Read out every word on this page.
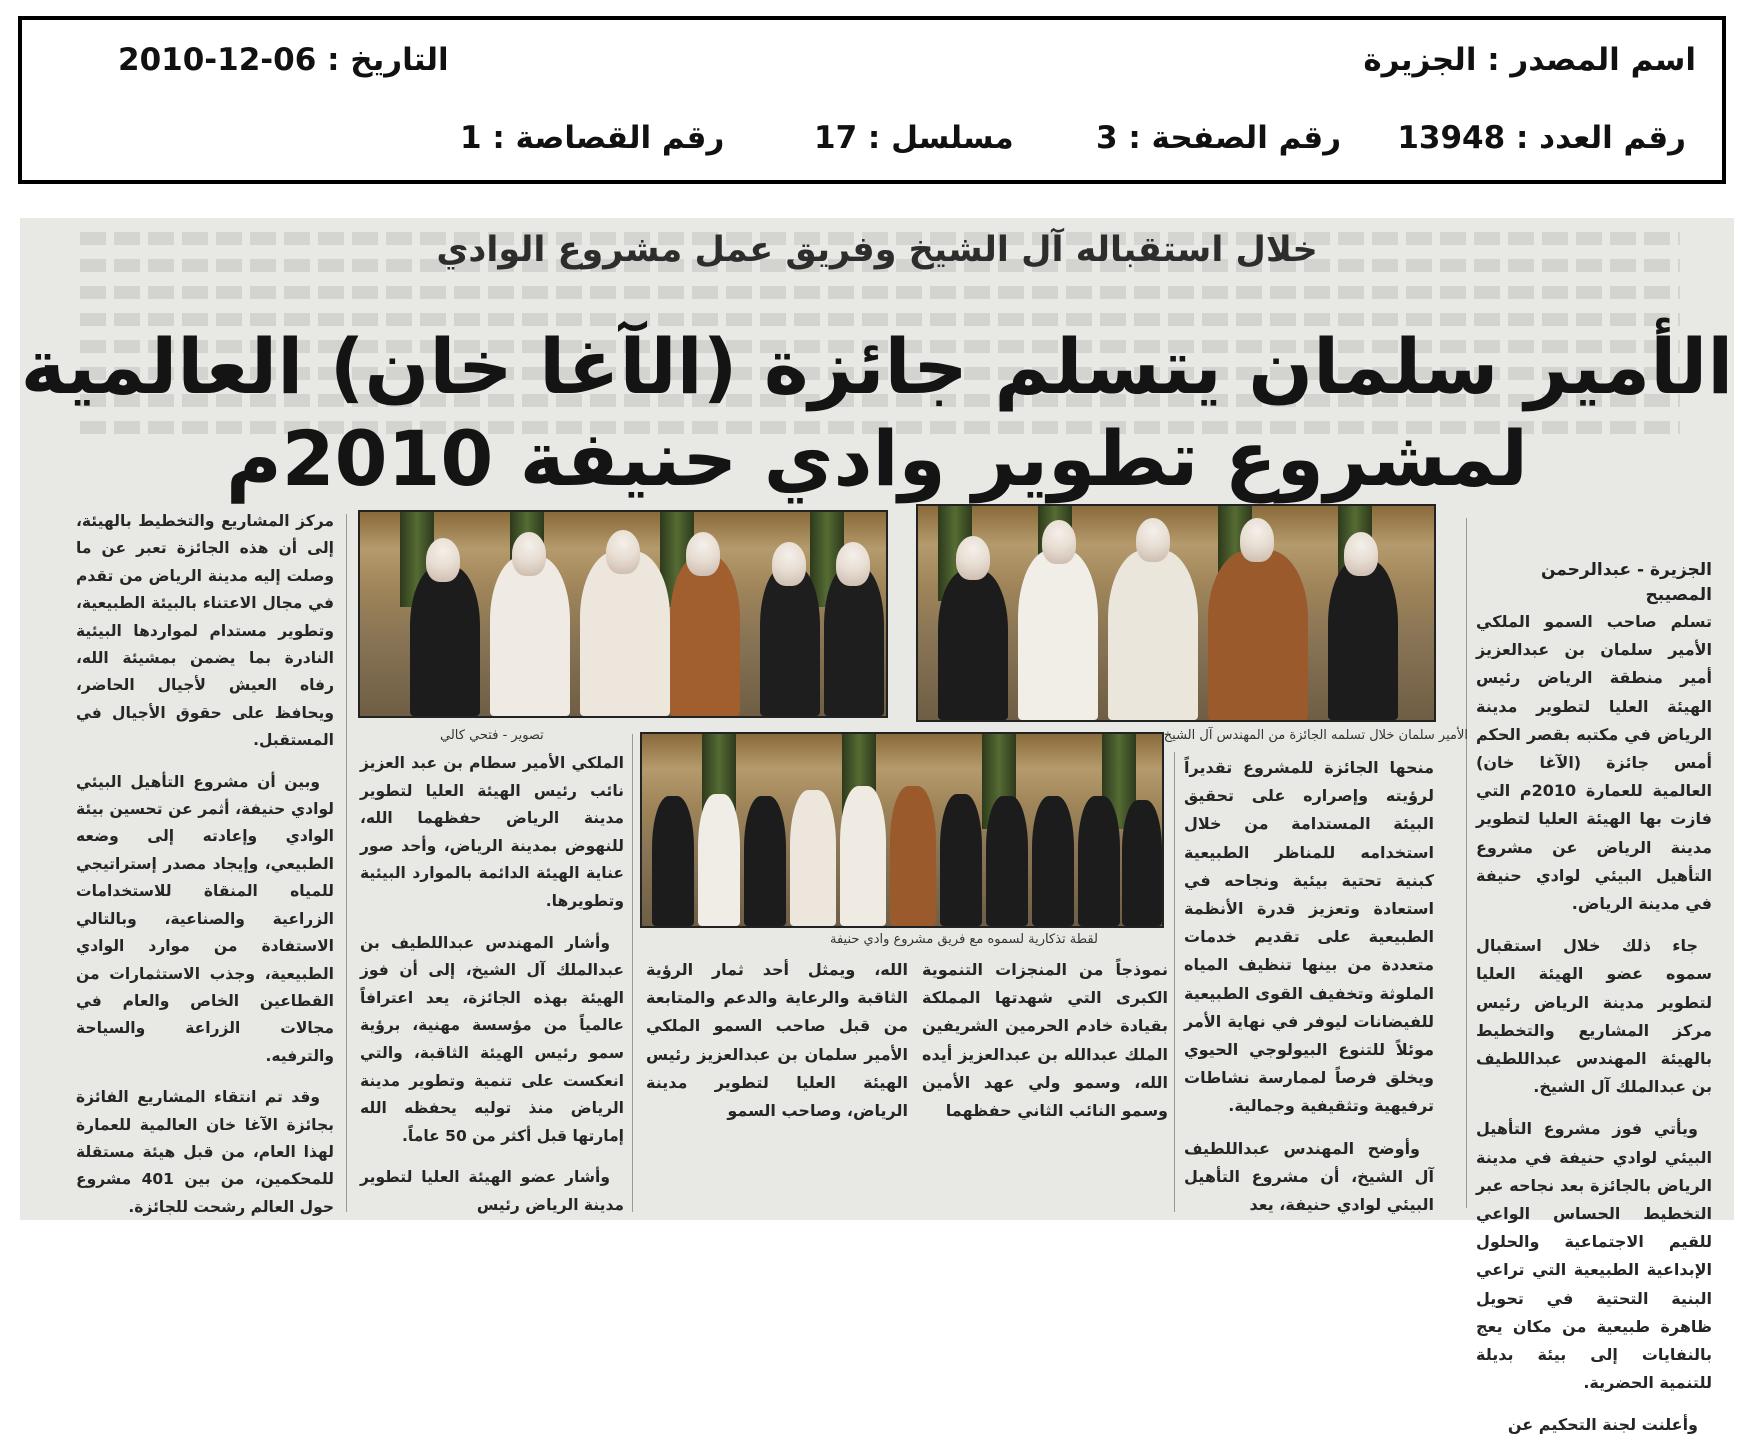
اسم المصدر : الجزيرة
التاريخ : 06-12-2010
رقم العدد : 13948
رقم الصفحة : 3
مسلسل : 17
رقم القصاصة : 1
خلال استقباله آل الشيخ وفريق عمل مشروع الوادي
الأمير سلمان يتسلم جائزة (الآغا خان) العالمية
لمشروع تطوير وادي حنيفة 2010م
الجزيرة - عبدالرحمن المصيبح

تسلم صاحب السمو الملكي الأمير سلمان بن عبدالعزيز أمير منطقة الرياض رئيس الهيئة العليا لتطوير مدينة الرياض في مكتبه بقصر الحكم أمس جائزة (الآغا خان) العالمية للعمارة 2010م التي فازت بها الهيئة العليا لتطوير مدينة الرياض عن مشروع التأهيل البيئي لوادي حنيفة في مدينة الرياض.

جاء ذلك خلال استقبال سموه عضو الهيئة العليا لتطوير مدينة الرياض رئيس مركز المشاريع والتخطيط بالهيئة المهندس عبداللطيف بن عبدالملك آل الشيخ.

ويأتي فوز مشروع التأهيل البيئي لوادي حنيفة في مدينة الرياض بالجائزة بعد نجاحه عبر التخطيط الحساس الواعي للقيم الاجتماعية والحلول الإبداعية الطبيعية التي تراعي البنية التحتية في تحويل ظاهرة طبيعية من مكان يعج بالنفايات إلى بيئة بديلة للتنمية الحضرية.

وأعلنت لجنة التحكيم عن

الأمير سلمان خلال تسلمه الجائزة من المهندس آل الشيخ
تصوير - فتحي كالي
لقطة تذكارية لسموه مع فريق مشروع وادي حنيفة

منحها الجائزة للمشروع تقديراً لرؤيته وإصراره على تحقيق البيئة المستدامة من خلال استخدامه للمناظر الطبيعية كبنية تحتية بيئية ونجاحه في استعادة وتعزيز قدرة الأنظمة الطبيعية على تقديم خدمات متعددة من بينها تنظيف المياه الملوثة وتخفيف القوى الطبيعية للفيضانات ليوفر في نهاية الأمر موئلاً للتنوع البيولوجي الحيوي ويخلق فرصاً لممارسة نشاطات ترفيهية وتثقيفية وجمالية.

وأوضح المهندس عبداللطيف آل الشيخ، أن مشروع التأهيل البيئي لوادي حنيفة، يعد

نموذجاً من المنجزات التنموية الكبرى التي شهدتها المملكة بقيادة خادم الحرمين الشريفين الملك عبدالله بن عبدالعزيز أيده الله، وسمو ولي عهد الأمين وسمو النائب الثاني حفظهما

الله، ويمثل أحد ثمار الرؤية الثاقبة والرعاية والدعم والمتابعة من قبل صاحب السمو الملكي الأمير سلمان بن عبدالعزيز رئيس الهيئة العليا لتطوير مدينة الرياض، وصاحب السمو

الملكي الأمير سطام بن عبد العزيز نائب رئيس الهيئة العليا لتطوير مدينة الرياض حفظهما الله، للنهوض بمدينة الرياض، وأحد صور عناية الهيئة الدائمة بالموارد البيئية وتطويرها.

وأشار المهندس عبداللطيف بن عبدالملك آل الشيخ، إلى أن فوز الهيئة بهذه الجائزة، يعد اعترافاً عالمياً من مؤسسة مهنية، برؤية سمو رئيس الهيئة الثاقبة، والتي انعكست على تنمية وتطوير مدينة الرياض منذ توليه يحفظه الله إمارتها قبل أكثر من 50 عاماً.

وأشار عضو الهيئة العليا لتطوير مدينة الرياض رئيس

مركز المشاريع والتخطيط بالهيئة، إلى أن هذه الجائزة تعبر عن ما وصلت إليه مدينة الرياض من تقدم في مجال الاعتناء بالبيئة الطبيعية، وتطوير مستدام لمواردها البيئية النادرة بما يضمن بمشيئة الله، رفاه العيش لأجيال الحاضر، ويحافظ على حقوق الأجيال في المستقبل.

وبين أن مشروع التأهيل البيئي لوادي حنيفة، أثمر عن تحسين بيئة الوادي وإعادته إلى وضعه الطبيعي، وإيجاد مصدر إستراتيجي للمياه المنقاة للاستخدامات الزراعية والصناعية، وبالتالي الاستفادة من موارد الوادي الطبيعية، وجذب الاستثمارات من القطاعين الخاص والعام في مجالات الزراعة والسياحة والترفيه.

وقد تم انتقاء المشاريع الفائزة بجائزة الآغا خان العالمية للعمارة لهذا العام، من قبل هيئة مستقلة للمحكمين، من بين 401 مشروع حول العالم رشحت للجائزة.
